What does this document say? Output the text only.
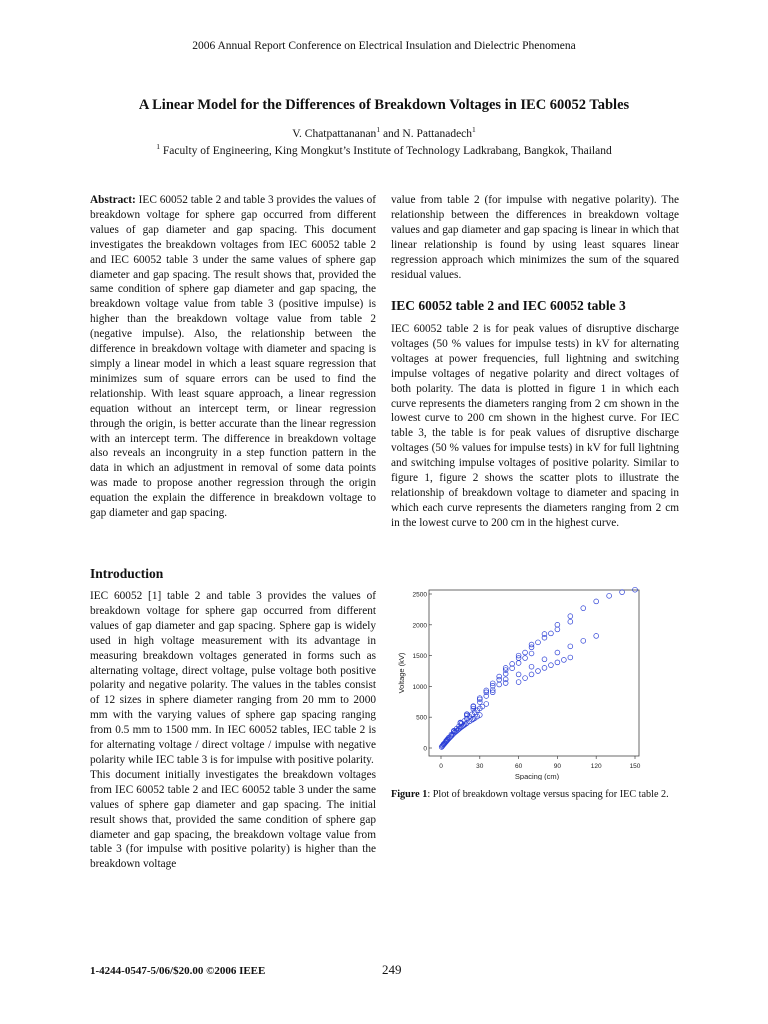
2006 Annual Report Conference on Electrical Insulation and Dielectric Phenomena
A Linear Model for the Differences of Breakdown Voltages in IEC 60052 Tables
V. Chatpattananan$^1$ and N. Pattanadech$^1$
$^1$ Faculty of Engineering, King Mongkut’s Institute of Technology Ladkrabang, Bangkok, Thailand

Abstract: IEC 60052 table 2 and table 3 provides the values of breakdown voltage for sphere gap occurred from different values of gap diameter and gap spacing. This document investigates the breakdown voltages from IEC 60052 table 2 and IEC 60052 table 3 under the same values of sphere gap diameter and gap spacing. The result shows that, provided the same condition of sphere gap diameter and gap spacing, the breakdown voltage value from table 3 (positive impulse) is higher than the breakdown voltage value from table 2 (negative impulse). Also, the relationship between the difference in breakdown voltage with diameter and spacing is simply a linear model in which a least square regression that minimizes sum of square errors can be used to find the relationship. With least square approach, a linear regression equation without an intercept term, or linear regression through the origin, is better accurate than the linear regression with an intercept term. The difference in breakdown voltage also reveals an incongruity in a step function pattern in the data in which an adjustment in removal of some data points was made to propose another regression through the origin equation the explain the difference in breakdown voltage to gap diameter and gap spacing.

Introduction

IEC 60052 [1] table 2 and table 3 provides the values of breakdown voltage for sphere gap occurred from different values of gap diameter and gap spacing. Sphere gap is widely used in high voltage measurement with its advantage in measuring breakdown voltages generated in forms such as alternating voltage, direct voltage, pulse voltage both positive polarity and negative polarity. The values in the tables consist of 12 sizes in sphere diameter ranging from 20 mm to 2000 mm with the varying values of sphere gap spacing ranging from 0.5 mm to 1500 mm. In IEC 60052 tables, IEC table 2 is for alternating voltage / direct voltage / impulse with negative polarity while IEC table 3 is for impulse with positive polarity.

This document initially investigates the breakdown voltages from IEC 60052 table 2 and IEC 60052 table 3 under the same values of sphere gap diameter and gap spacing. The initial result shows that, provided the same condition of sphere gap diameter and gap spacing, the breakdown voltage value from table 3 (for impulse with positive polarity) is higher than the breakdown voltage

value from table 2 (for impulse with negative polarity). The relationship between the differences in breakdown voltage values and gap diameter and gap spacing is linear in which that linear relationship is found by using least squares linear regression approach which minimizes the sum of the squared residual values.

IEC 60052 table 2 and IEC 60052 table 3

IEC 60052 table 2 is for peak values of disruptive discharge voltages (50 % values for impulse tests) in kV for alternating voltages at power frequencies, full lightning and switching impulse voltages of negative polarity and direct voltages of both polarity. The data is plotted in figure 1 in which each curve represents the diameters ranging from 2 cm shown in the lowest curve to 200 cm shown in the highest curve. For IEC table 3, the table is for peak values of disruptive discharge voltages (50 % values for impulse tests) in kV for full lightning and switching impulse voltages of positive polarity. Similar to figure 1, figure 2 shows the scatter plots to illustrate the relationship of breakdown voltage to diameter and spacing in which each curve represents the diameters ranging from 2 cm in the lowest curve to 200 cm in the highest curve.

0
500
1000
1500
2000
2500
0	30	60	90	120	150
Spacing (cm)
Voltage (kV)
Figure 1: Plot of breakdown voltage versus spacing for IEC table 2.
1-4244-0547-5/06/$20.00 ©2006 IEEE	249
